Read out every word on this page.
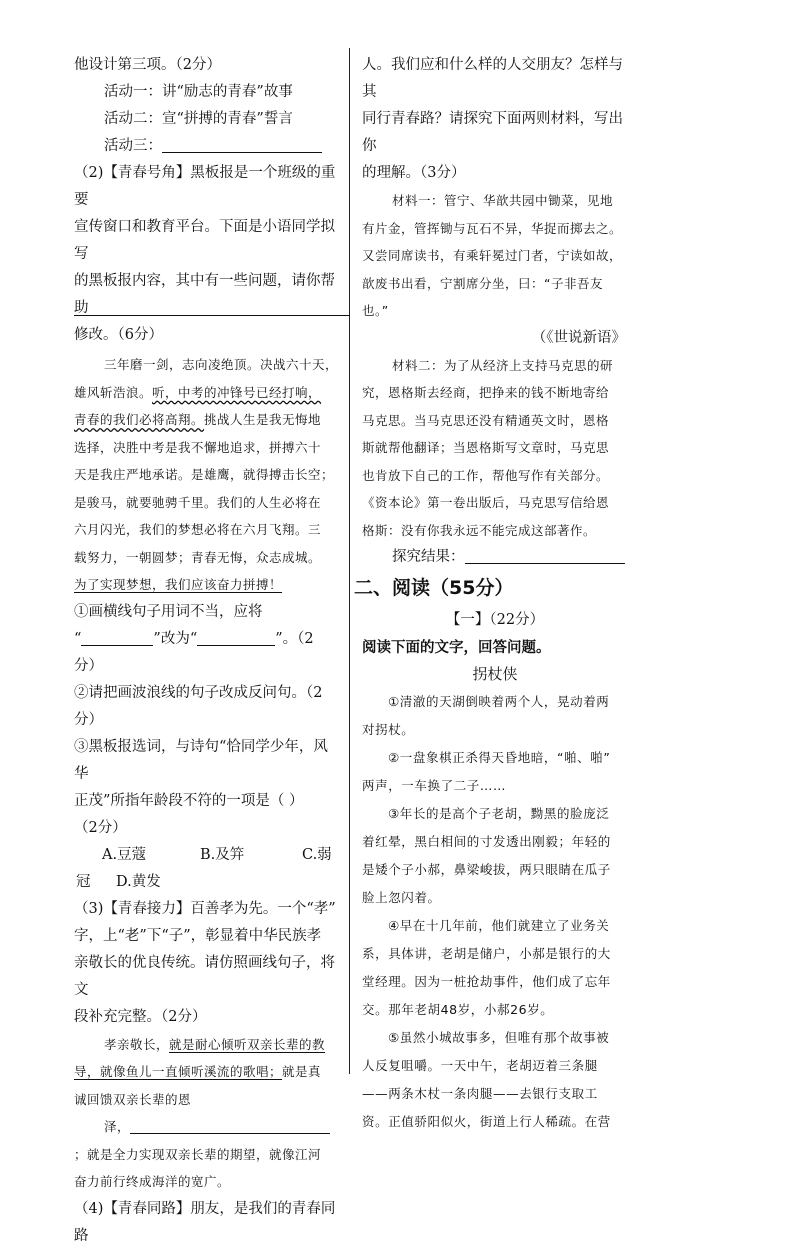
他设计第三项。（2分）

活动一：讲“励志的青春”故事

活动二：宣“拼搏的青春”誓言

活动三：

（2)【青春号角】黑板报是一个班级的重要

宣传窗口和教育平台。下面是小语同学拟写

的黑板报内容，其中有一些问题，请你帮助

修改。（6分）

三年磨一剑，志向凌绝顶。决战六十天，

雄风斩浩浪。听，中考的冲锋号已经打响，

青春的我们必将高翔。挑战人生是我无悔地

选择，决胜中考是我不懈地追求，拼搏六十

天是我庄严地承诺。是雄鹰，就得搏击长空；

是骏马，就要驰骋千里。我们的人生必将在

六月闪光，我们的梦想必将在六月飞翔。三

载努力，一朝圆梦；青春无悔，众志成城。

为了实现梦想，我们应该奋力拼搏！

①画横线句子用词不当，应将

“	”改为“	”。（2

分）

②请把画波浪线的句子改成反问句。（2分）

③黑板报选词，与诗句“恰同学少年，风华

正茂”所指年龄段不符的一项是（ ）

（2分）

A.豆蔻	B.及笄	C.弱
冠	D.黄发

（3)【青春接力】百善孝为先。一个“孝”

字，上“老”下“子”，彰显着中华民族孝

亲敬长的优良传统。请仿照画线句子，将文

段补充完整。（2分）

孝亲敬长，就是耐心倾听双亲长辈的教

导，就像鱼儿一直倾听溪流的歌唱；就是真

诚回馈双亲长辈的恩

泽，

；就是全力实现双亲长辈的期望，就像江河

奋力前行终成海洋的宽广。

（4)【青春同路】朋友，是我们的青春同路

人。我们应和什么样的人交朋友？怎样与其

同行青春路？请探究下面两则材料，写出你

的理解。（3分）

材料一：管宁、华歆共园中锄菜，见地

有片金，管挥锄与瓦石不异，华捉而掷去之。

又尝同席读书，有乘轩冕过门者，宁读如故，

歆废书出看，宁割席分坐，曰：“子非吾友

也。”

（《世说新语》

材料二：为了从经济上支持马克思的研

究，恩格斯去经商，把挣来的钱不断地寄给

马克思。当马克思还没有精通英文时，恩格

斯就帮他翻译；当恩格斯写文章时，马克思

也肯放下自己的工作，帮他写作有关部分。

《资本论》第一卷出版后，马克思写信给恩

格斯：没有你我永远不能完成这部著作。

探究结果：

二、阅读（55分）

【一】（22分）

阅读下面的文字，回答问题。

拐杖侠

①清澈的天湖倒映着两个人，晃动着两

对拐杖。

②一盘象棋正杀得天昏地暗，“啪、啪”

两声，一车换了二子……

③年长的是高个子老胡，黝黑的脸庞泛

着红晕，黑白相间的寸发透出刚毅；年轻的

是矮个子小郝，鼻梁峻拔，两只眼睛在瓜子

脸上忽闪着。

④早在十几年前，他们就建立了业务关

系，具体讲，老胡是储户，小郝是银行的大

堂经理。因为一桩抢劫事件，他们成了忘年

交。那年老胡48岁，小郝26岁。

⑤虽然小城故事多，但唯有那个故事被

人反复咀嚼。一天中午，老胡迈着三条腿

——两条木杖一条肉腿——去银行支取工

资。正值骄阳似火，街道上行人稀疏。在营
